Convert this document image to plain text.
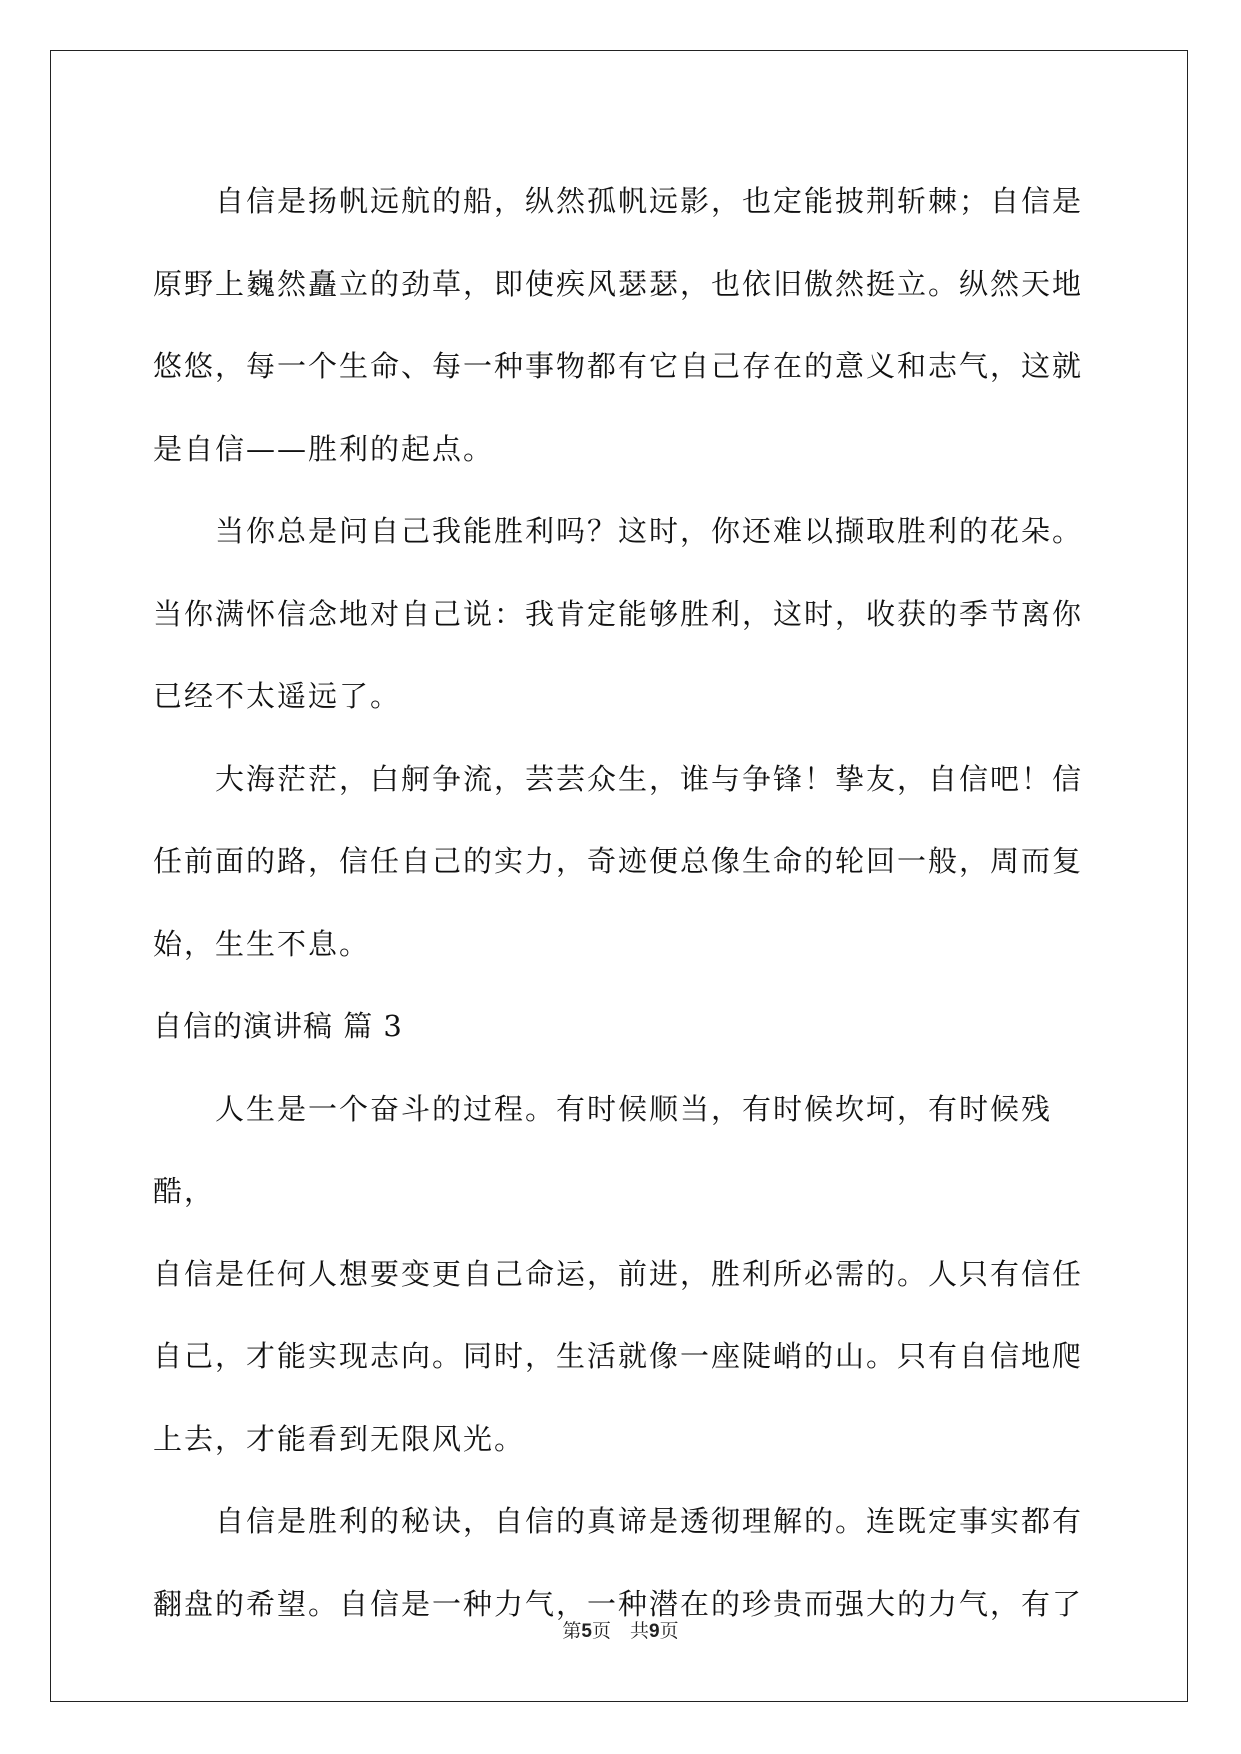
自信是扬帆远航的船，纵然孤帆远影，也定能披荆斩棘；自信是
原野上巍然矗立的劲草，即使疾风瑟瑟，也依旧傲然挺立。纵然天地
悠悠，每一个生命、每一种事物都有它自己存在的意义和志气，这就
是自信——胜利的起点。

当你总是问自己我能胜利吗？这时，你还难以撷取胜利的花朵。
当你满怀信念地对自己说：我肯定能够胜利，这时，收获的季节离你
已经不太遥远了。

大海茫茫，白舸争流，芸芸众生，谁与争锋！挚友，自信吧！信
任前面的路，信任自己的实力，奇迹便总像生命的轮回一般，周而复
始，生生不息。

自信的演讲稿 篇 3

人生是一个奋斗的过程。有时候顺当，有时候坎坷，有时候残酷，
自信是任何人想要变更自己命运，前进，胜利所必需的。人只有信任
自己，才能实现志向。同时，生活就像一座陡峭的山。只有自信地爬
上去，才能看到无限风光。

自信是胜利的秘诀，自信的真谛是透彻理解的。连既定事实都有
翻盘的希望。自信是一种力气，一种潜在的珍贵而强大的力气，有了

第5页　共9页
